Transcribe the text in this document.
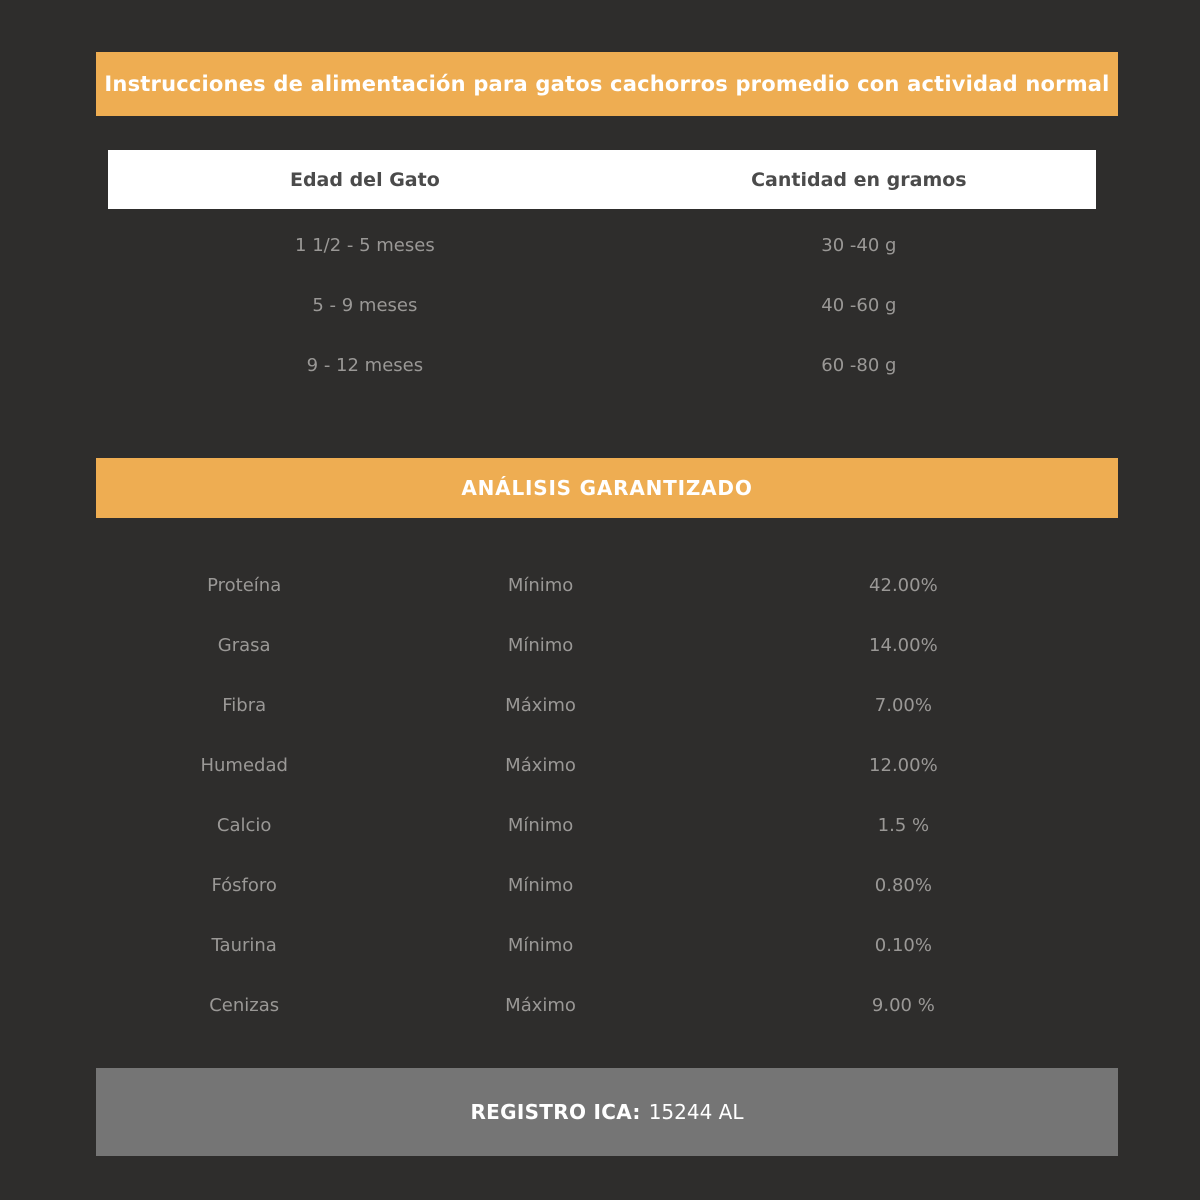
Instrucciones de alimentación para gatos cachorros promedio con actividad normal
Edad del Gato	Cantidad en gramos
1 1/2 - 5 meses	30 -40 g
5 - 9 meses	40 -60 g
9 - 12 meses	60 -80 g
ANÁLISIS GARANTIZADO
Proteína	Mínimo	42.00%
Grasa	Mínimo	14.00%
Fibra	Máximo	7.00%
Humedad	Máximo	12.00%
Calcio	Mínimo	1.5 %
Fósforo	Mínimo	0.80%
Taurina	Mínimo	0.10%
Cenizas	Máximo	9.00 %
REGISTRO ICA: 15244 AL
